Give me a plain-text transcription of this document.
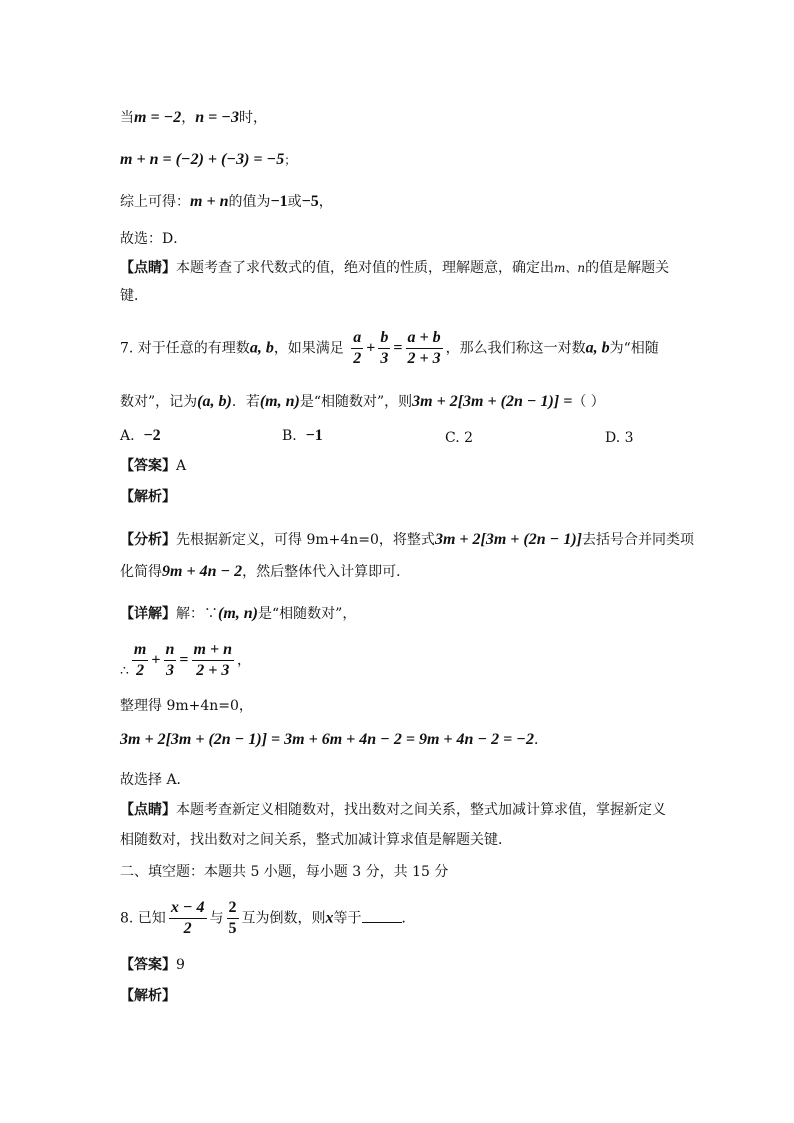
当m = −2，n = −3时，
m + n = (−2) + (−3) = −5；
综上可得：m + n的值为−1或−5，
故选：D．
【点睛】本题考查了求代数式的值，绝对值的性质，理解题意，确定出m、n的值是解题关
键．
7. 对于任意的有理数a, b，如果满足 $\frac{a}{2} + \frac{b}{3} = \frac{a + b}{2 + 3}$ ，那么我们称这一对数a, b为“相随
数对”，记为(a, b)．若(m, n)是“相随数对”，则3m + 2[3m + (2n − 1)] =（ ）
A. −2	B. −1	C. 2	D. 3
【答案】A
【解析】
【分析】先根据新定义，可得 9m+4n=0，将整式3m + 2[3m + (2n − 1)]去括号合并同类项
化简得9m + 4n − 2，然后整体代入计算即可．
【详解】解：∵(m, n)是“相随数对”，
∴ $\frac{m}{2} + \frac{n}{3} = \frac{m + n}{2 + 3}$ ，
整理得 9m+4n=0，
3m + 2[3m + (2n − 1)] = 3m + 6m + 4n − 2 = 9m + 4n − 2 = −2．
故选择 A．
【点睛】本题考查新定义相随数对，找出数对之间关系，整式加减计算求值，掌握新定义
相随数对，找出数对之间关系，整式加减计算求值是解题关键．
二、填空题：本题共 5 小题，每小题 3 分，共 15 分
8. 已知 $\frac{x - 4}{2}$ 与 $\frac{2}{5}$ 互为倒数，则x等于	．
【答案】9
【解析】
